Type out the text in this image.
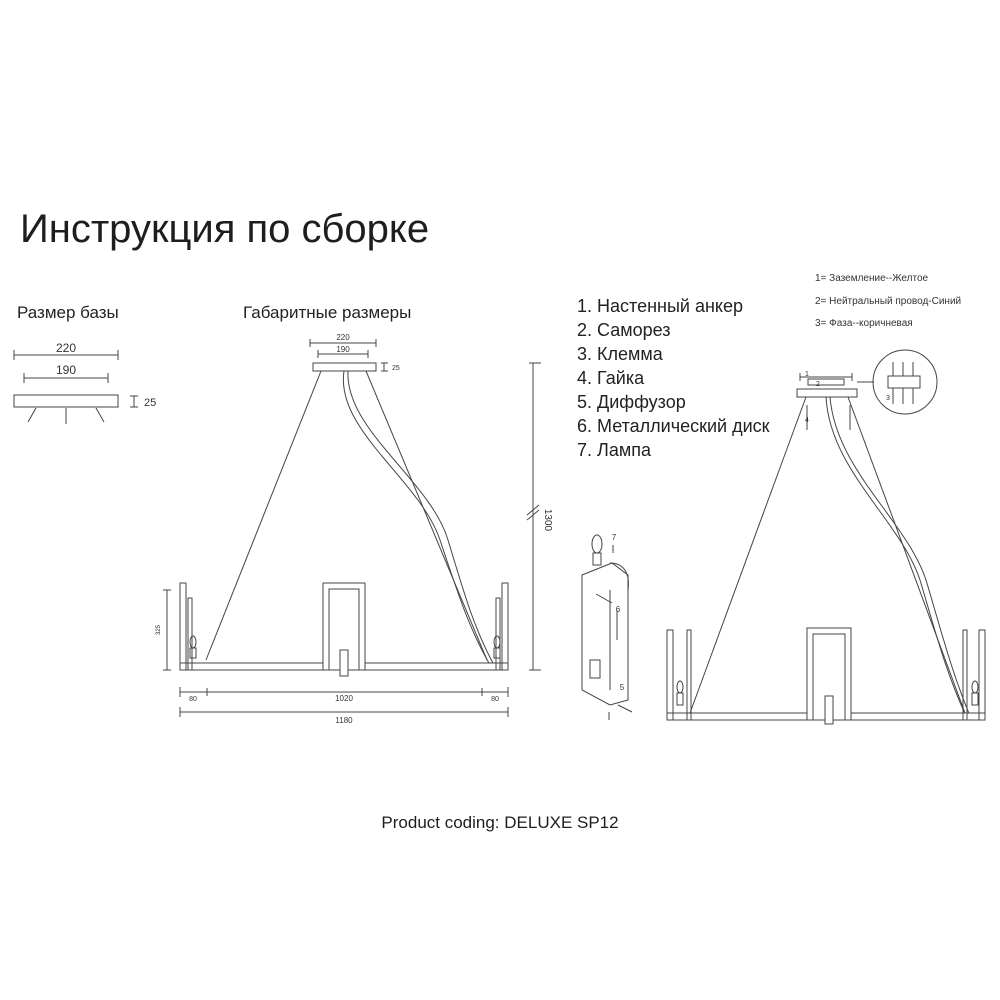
Инструкция по сборке
Размер базы	Габаритные размеры	1. Настенный анкер
2. Саморез
3. Клемма
4. Гайка
5. Диффузор
6. Металлический диск
7. Лампа
1= Заземление--Желтое
2= Нейтральный провод-Синий
3= Фаза--коричневая
Product coding: DELUXE SP12
220
190
25
220
190
25
1300
325
1020
1180
80	80
7
6
5
1
2
3
4
